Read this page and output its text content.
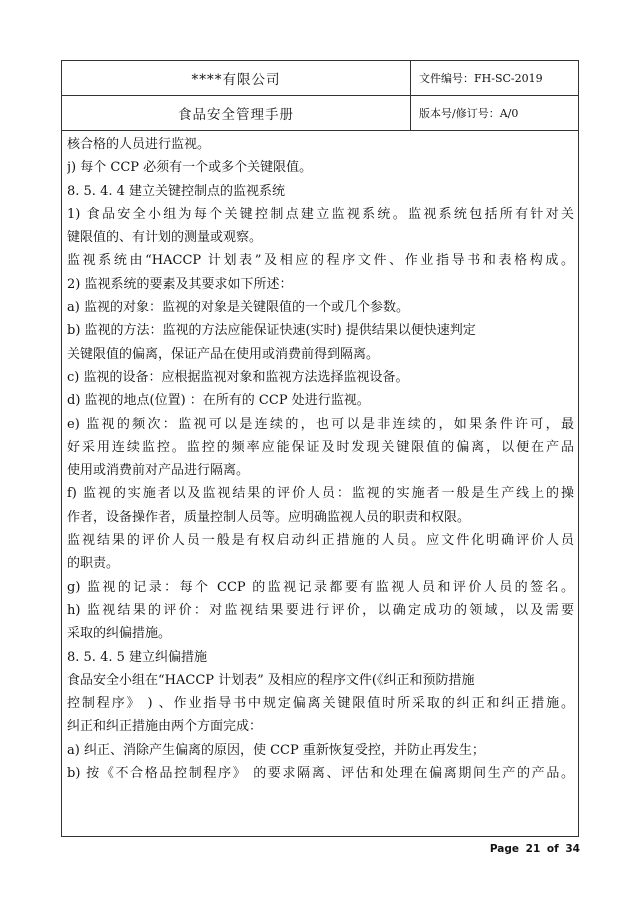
****有限公司	文件编号：FH-SC-2019
食品安全管理手册	版本号/修订号：A/0
核合格的人员进行监视。
j) 每个 CCP 必须有一个或多个关键限值。
8. 5. 4. 4 建立关键控制点的监视系统
1) 食品安全小组为每个关键控制点建立监视系统。监视系统包括所有针对关
键限值的、有计划的测量或观察。
监视系统由“HACCP 计划表”及相应的程序文件、作业指导书和表格构成。
2) 监视系统的要素及其要求如下所述：
a) 监视的对象：监视的对象是关键限值的一个或几个参数。
b) 监视的方法：监视的方法应能保证快速(实时) 提供结果以便快速判定
关键限值的偏离，保证产品在使用或消费前得到隔离。
c) 监视的设备：应根据监视对象和监视方法选择监视设备。
d) 监视的地点(位置) ：在所有的 CCP 处进行监视。
e) 监视的频次：监视可以是连续的，也可以是非连续的，如果条件许可，最
好采用连续监控。监控的频率应能保证及时发现关键限值的偏离，以便在产品
使用或消费前对产品进行隔离。
f) 监视的实施者以及监视结果的评价人员：监视的实施者一般是生产线上的操
作者，设备操作者，质量控制人员等。应明确监视人员的职责和权限。
监视结果的评价人员一般是有权启动纠正措施的人员。应文件化明确评价人员
的职责。
g) 监视的记录：每个 CCP 的监视记录都要有监视人员和评价人员的签名。
h) 监视结果的评价：对监视结果要进行评价，以确定成功的领域，以及需要
采取的纠偏措施。
8. 5. 4. 5 建立纠偏措施
食品安全小组在“HACCP 计划表” 及相应的程序文件(《纠正和预防措施
控制程序》 ) 、作业指导书中规定偏离关键限值时所采取的纠正和纠正措施。
纠正和纠正措施由两个方面完成：
a) 纠正、消除产生偏离的原因，使 CCP 重新恢复受控，并防止再发生；
b) 按《不合格品控制程序》 的要求隔离、评估和处理在偏离期间生产的产品。
Page 21 of 34
